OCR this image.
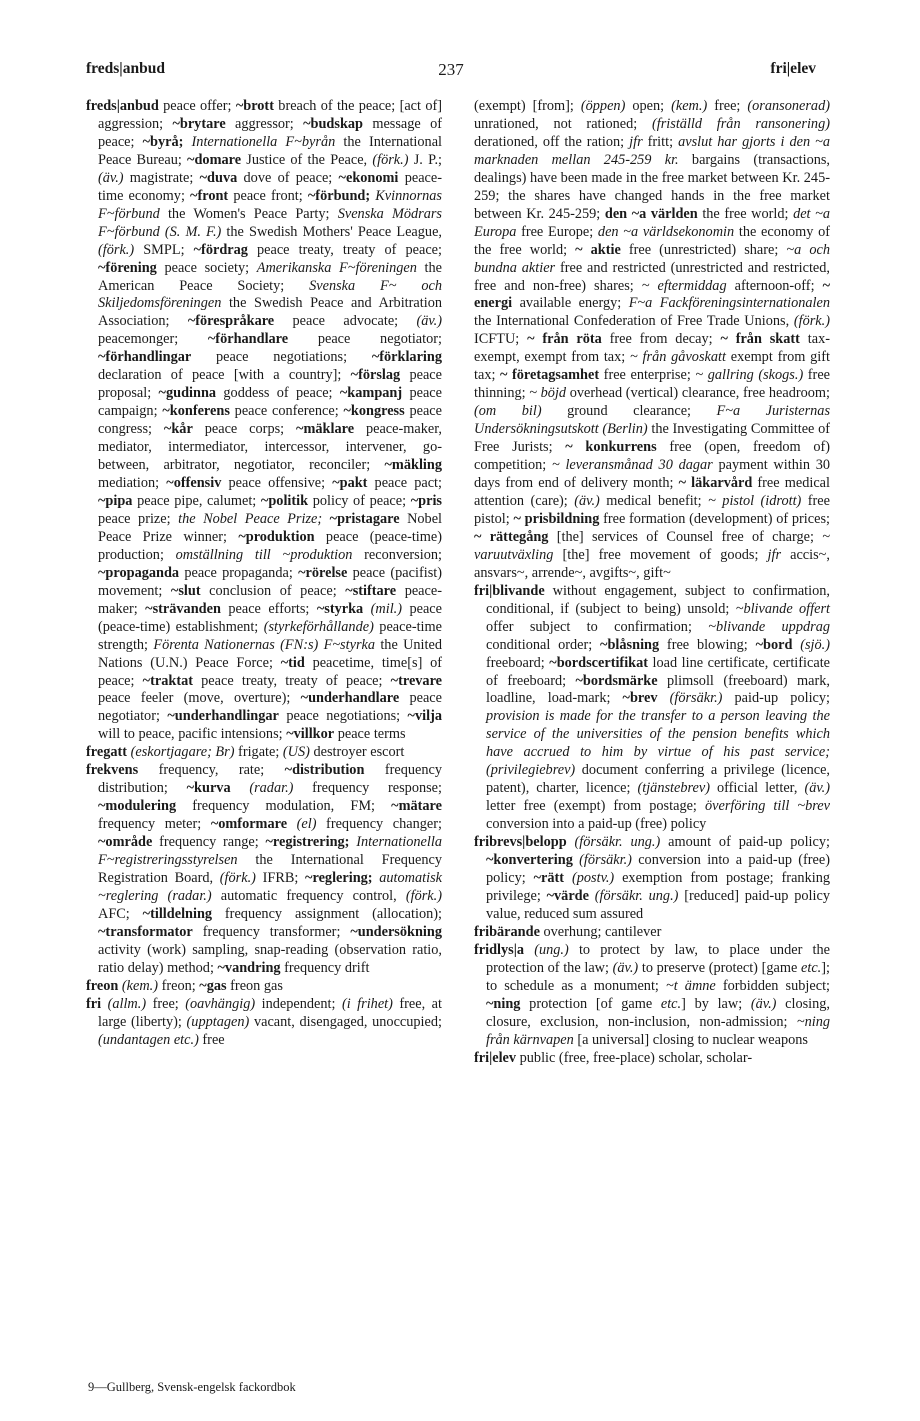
freds|anbud	237	fri|elev

freds|anbud peace offer; ~brott breach of the peace; [act of] aggression; ~brytare aggressor; ~budskap message of peace; ~byrå; Internationella F~byrån the International Peace Bureau; ~domare Justice of the Peace, (förk.) J. P.; (äv.) magistrate; ~duva dove of peace; ~ekonomi peace-time economy; ~front peace front; ~förbund; Kvinnornas F~förbund the Women's Peace Party; Svenska Mödrars F~förbund (S. M. F.) the Swedish Mothers' Peace League, (förk.) SMPL; ~fördrag peace treaty, treaty of peace; ~förening peace society; Amerikanska F~föreningen the American Peace Society; Svenska F~ och Skiljedomsföreningen the Swedish Peace and Arbitration Association; ~förespråkare peace advocate; (äv.) peacemonger; ~förhandlare peace negotiator; ~förhandlingar peace negotiations; ~förklaring declaration of peace [with a country]; ~förslag peace proposal; ~gudinna goddess of peace; ~kampanj peace campaign; ~konferens peace conference; ~kongress peace congress; ~kår peace corps; ~mäklare peace-maker, mediator, intermediator, intercessor, intervener, go-between, arbitrator, negotiator, reconciler; ~mäkling mediation; ~offensiv peace offensive; ~pakt peace pact; ~pipa peace pipe, calumet; ~politik policy of peace; ~pris peace prize; the Nobel Peace Prize; ~pristagare Nobel Peace Prize winner; ~produktion peace (peace-time) production; omställning till ~produktion reconversion; ~propaganda peace propaganda; ~rörelse peace (pacifist) movement; ~slut conclusion of peace; ~stiftare peace-maker; ~strävanden peace efforts; ~styrka (mil.) peace (peace-time) establishment; (styrkeförhållande) peace-time strength; Förenta Nationernas (FN:s) F~styrka the United Nations (U.N.) Peace Force; ~tid peacetime, time[s] of peace; ~traktat peace treaty, treaty of peace; ~trevare peace feeler (move, overture); ~underhandlare peace negotiator; ~underhandlingar peace negotiations; ~vilja will to peace, pacific intensions; ~villkor peace terms

fregatt (eskortjagare; Br) frigate; (US) destroyer escort

frekvens frequency, rate; ~distribution frequency distribution; ~kurva (radar.) frequency response; ~modulering frequency modulation, FM; ~mätare frequency meter; ~omformare (el) frequency changer; ~område frequency range; ~registrering; Internationella F~registreringsstyrelsen the International Frequency Registration Board, (förk.) IFRB; ~reglering; automatisk ~reglering (radar.) automatic frequency control, (förk.) AFC; ~tilldelning frequency assignment (allocation); ~transformator frequency transformer; ~undersökning activity (work) sampling, snap-reading (observation ratio, ratio delay) method; ~vandring frequency drift

freon (kem.) freon; ~gas freon gas

fri (allm.) free; (oavhängig) independent; (i frihet) free, at large (liberty); (upptagen) vacant, disengaged, unoccupied; (undantagen etc.) free

(exempt) [from]; (öppen) open; (kem.) free; (oransonerad) unrationed, not rationed; (friställd från ransonering) derationed, off the ration; jfr fritt; avslut har gjorts i den ~a marknaden mellan 245-259 kr. bargains (transactions, dealings) have been made in the free market between Kr. 245-259; the shares have changed hands in the free market between Kr. 245-259; den ~a världen the free world; det ~a Europa free Europe; den ~a världsekonomin the economy of the free world; ~ aktie free (unrestricted) share; ~a och bundna aktier free and restricted (unrestricted and restricted, free and non-free) shares; ~ eftermiddag afternoon-off; ~ energi available energy; F~a Fackföreningsinternationalen the International Confederation of Free Trade Unions, (förk.) ICFTU; ~ från röta free from decay; ~ från skatt tax-exempt, exempt from tax; ~ från gåvoskatt exempt from gift tax; ~ företagsamhet free enterprise; ~ gallring (skogs.) free thinning; ~ böjd overhead (vertical) clearance, free headroom; (om bil) ground clearance; F~a Juristernas Undersökningsutskott (Berlin) the Investigating Committee of Free Jurists; ~ konkurrens free (open, freedom of) competition; ~ leveransmånad 30 dagar payment within 30 days from end of delivery month; ~ läkarvård free medical attention (care); (äv.) medical benefit; ~ pistol (idrott) free pistol; ~ prisbildning free formation (development) of prices; ~ rättegång [the] services of Counsel free of charge; ~ varuutväxling [the] free movement of goods; jfr accis~, ansvars~, arrende~, avgifts~, gift~

fri|blivande without engagement, subject to confirmation, conditional, if (subject to being) unsold; ~blivande offert offer subject to confirmation; ~blivande uppdrag conditional order; ~blåsning free blowing; ~bord (sjö.) freeboard; ~bordscertifikat load line certificate, certificate of freeboard; ~bordsmärke plimsoll (freeboard) mark, loadline, load-mark; ~brev (försäkr.) paid-up policy; provision is made for the transfer to a person leaving the service of the universities of the pension benefits which have accrued to him by virtue of his past service; (privilegiebrev) document conferring a privilege (licence, patent), charter, licence; (tjänstebrev) official letter, (äv.) letter free (exempt) from postage; överföring till ~brev conversion into a paid-up (free) policy

fribrevs|belopp (försäkr. ung.) amount of paid-up policy; ~konvertering (försäkr.) conversion into a paid-up (free) policy; ~rätt (postv.) exemption from postage; franking privilege; ~värde (försäkr. ung.) [reduced] paid-up policy value, reduced sum assured

fribärande overhung; cantilever

fridlys|a (ung.) to protect by law, to place under the protection of the law; (äv.) to preserve (protect) [game etc.]; to schedule as a monument; ~t ämne forbidden subject; ~ning protection [of game etc.] by law; (äv.) closing, closure, exclusion, non-inclusion, non-admission; ~ning från kärnvapen [a universal] closing to nuclear weapons

fri|elev public (free, free-place) scholar, scholar-

9—Gullberg, Svensk-engelsk fackordbok
